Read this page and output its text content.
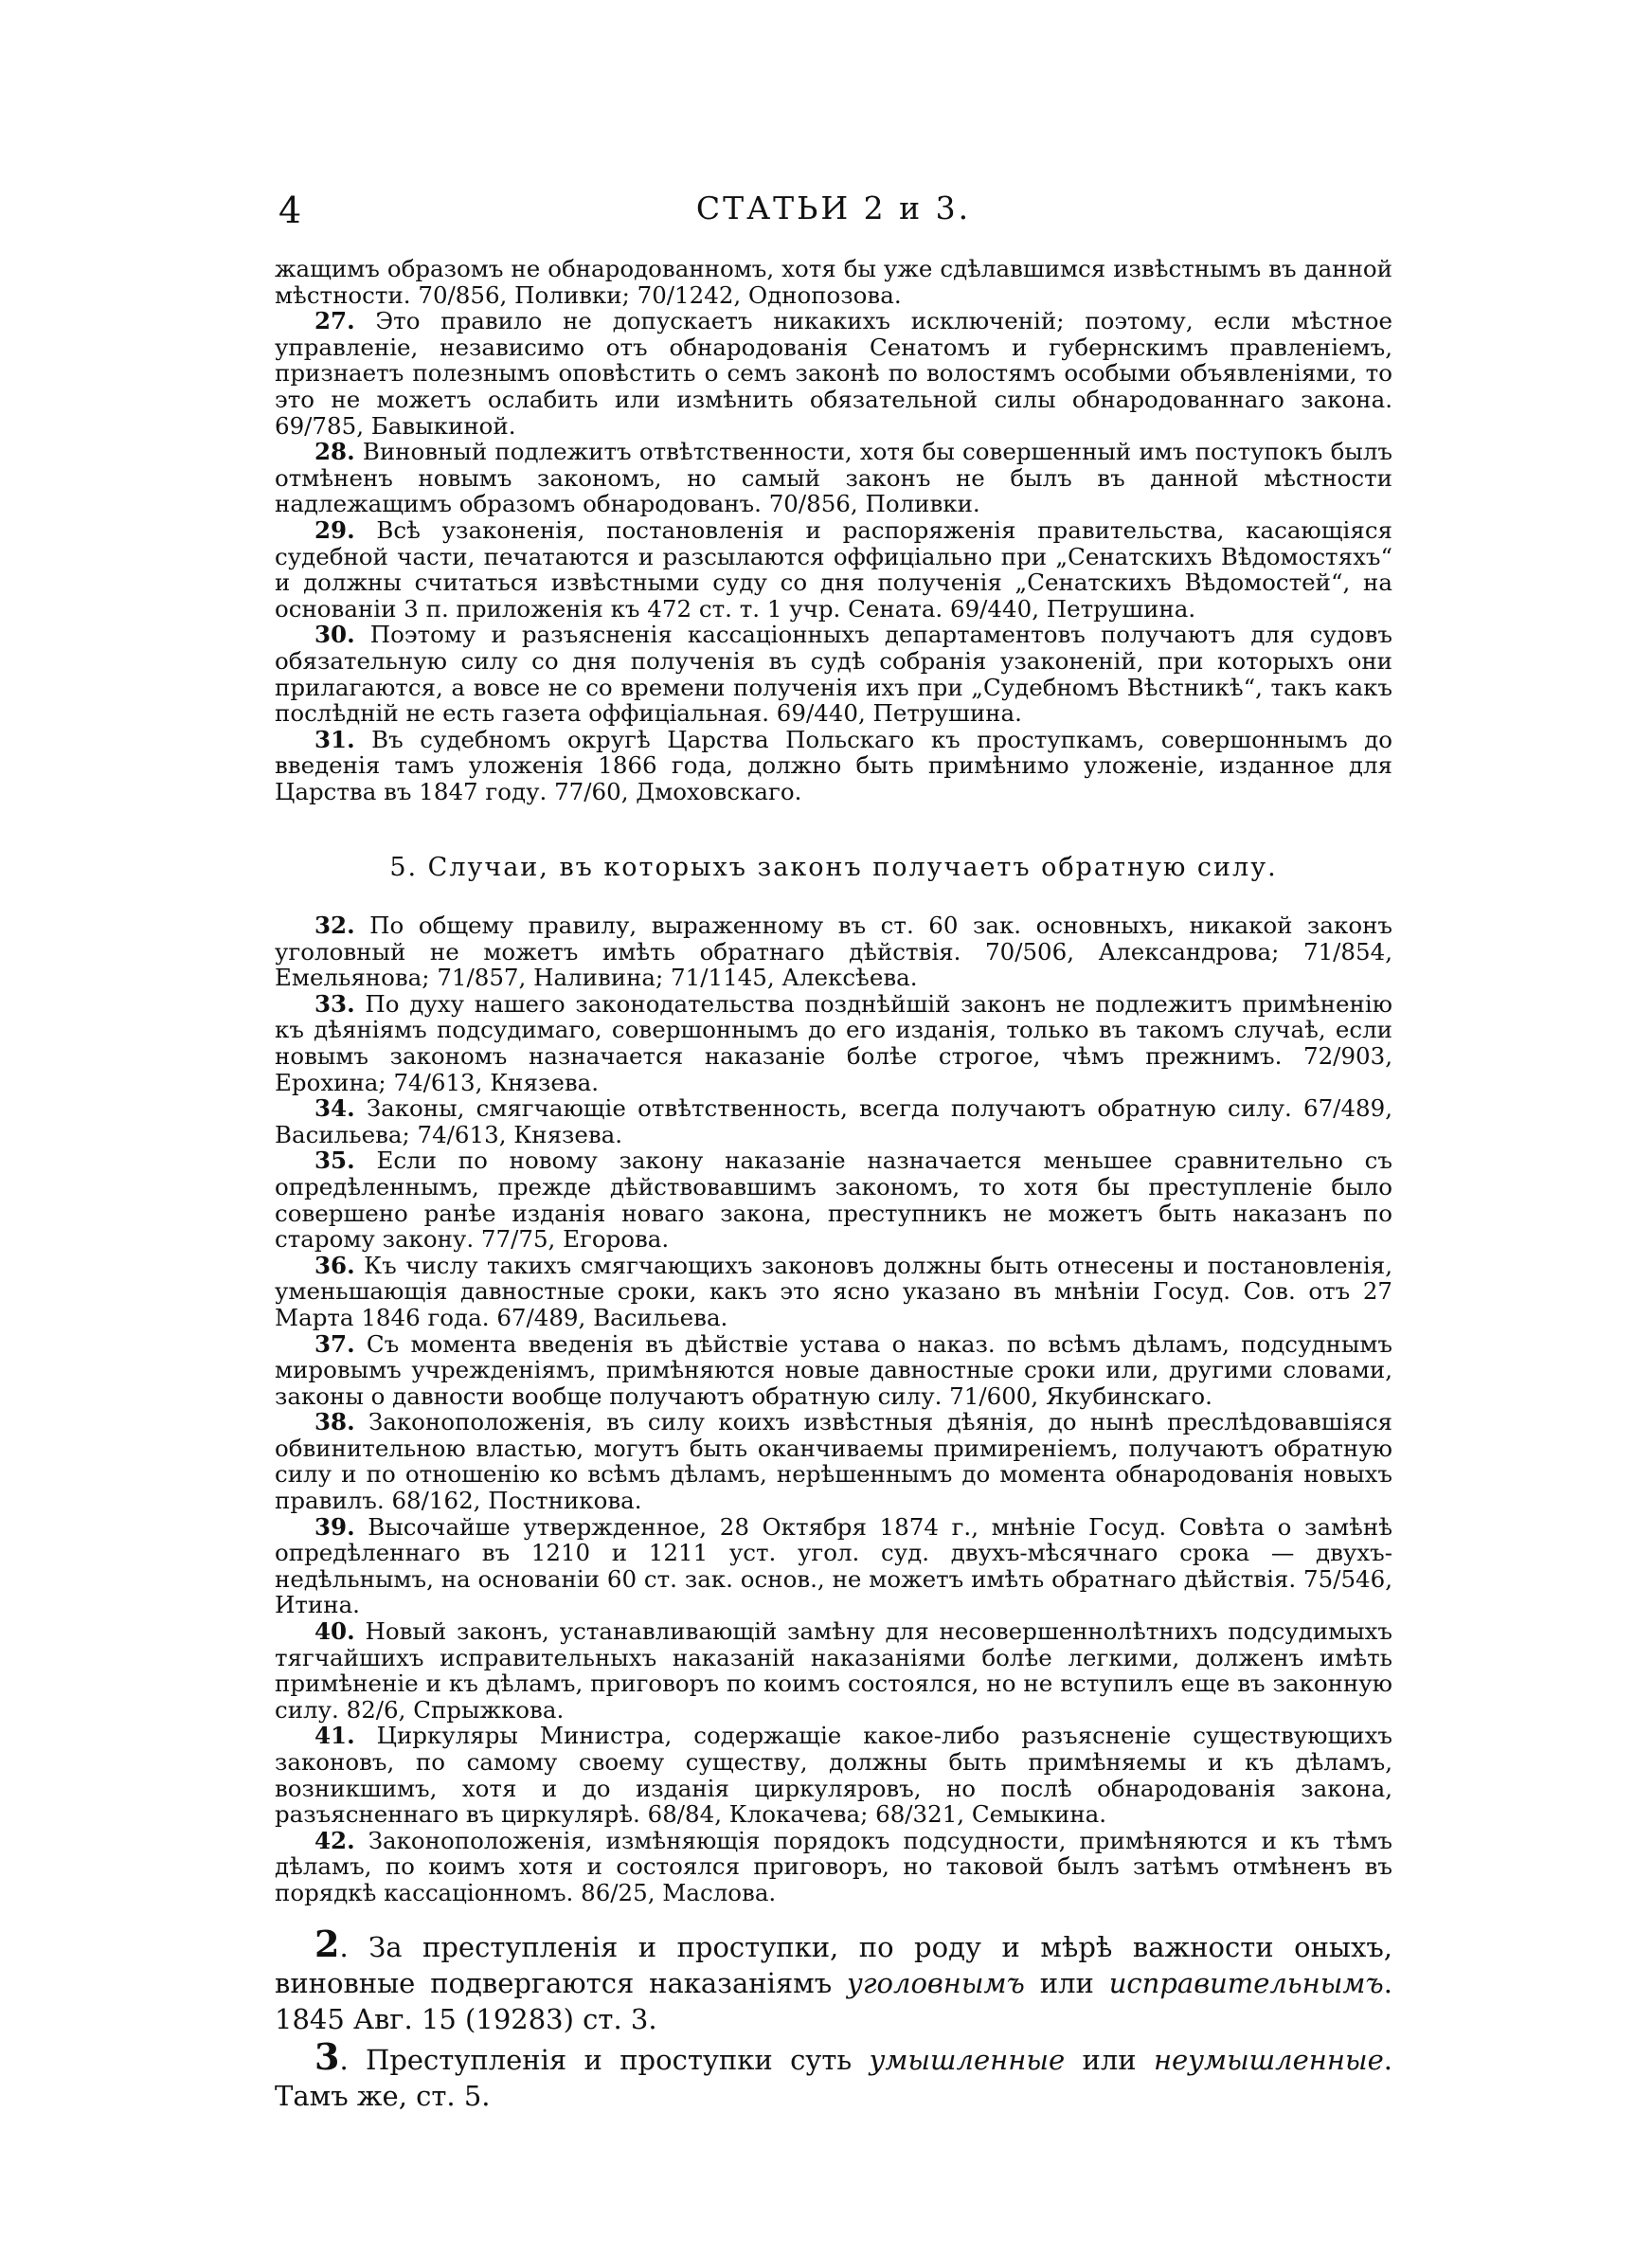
4	СТАТЬИ 2 и 3.

жащимъ образомъ не обнародованномъ, хотя бы уже сдѣлавшимся извѣстнымъ въ данной мѣстности. 70/856, Поливки; 70/1242, Однопозова.

27. Это правило не допускаетъ никакихъ исключеній; поэтому, если мѣстное управленіе, независимо отъ обнародованія Сенатомъ и губернскимъ правленіемъ, признаетъ полезнымъ оповѣстить о семъ законѣ по волостямъ особыми объявленіями, то это не можетъ ослабить или измѣнить обязательной силы обнародованнаго закона. 69/785, Бавыкиной.

28. Виновный подлежитъ отвѣтственности, хотя бы совершенный имъ поступокъ былъ отмѣненъ новымъ закономъ, но самый законъ не былъ въ данной мѣстности надлежащимъ образомъ обнародованъ. 70/856, Поливки.

29. Всѣ узаконенія, постановленія и распоряженія правительства, касающіяся судебной части, печатаются и разсылаются оффиціально при „Сенатскихъ Вѣдомостяхъ“ и должны считаться извѣстными суду со дня полученія „Сенатскихъ Вѣдомостей“, на основаніи 3 п. приложенія къ 472 ст. т. 1 учр. Сената. 69/440, Петрушина.

30. Поэтому и разъясненія кассаціонныхъ департаментовъ получаютъ для судовъ обязательную силу со дня полученія въ судѣ собранія узаконеній, при которыхъ они прилагаются, а вовсе не со времени полученія ихъ при „Судебномъ Вѣстникѣ“, такъ какъ послѣдній не есть газета оффиціальная. 69/440, Петрушина.

31. Въ судебномъ округѣ Царства Польскаго къ проступкамъ, совершоннымъ до введенія тамъ уложенія 1866 года, должно быть примѣнимо уложеніе, изданное для Царства въ 1847 году. 77/60, Дмоховскаго.

5. Случаи, въ которыхъ законъ получаетъ обратную силу.

32. По общему правилу, выраженному въ ст. 60 зак. основныхъ, никакой законъ уголовный не можетъ имѣть обратнаго дѣйствія. 70/506, Александрова; 71/854, Емельянова; 71/857, Наливина; 71/1145, Алексѣева.

33. По духу нашего законодательства позднѣйшій законъ не подлежитъ примѣненію къ дѣяніямъ подсудимаго, совершоннымъ до его изданія, только въ такомъ случаѣ, если новымъ закономъ назначается наказаніе болѣе строгое, чѣмъ прежнимъ. 72/903, Ерохина; 74/613, Князева.

34. Законы, смягчающіе отвѣтственность, всегда получаютъ обратную силу. 67/489, Васильева; 74/613, Князева.

35. Если по новому закону наказаніе назначается меньшее сравнительно съ опредѣленнымъ, прежде дѣйствовавшимъ закономъ, то хотя бы преступленіе было совершено ранѣе изданія новаго закона, преступникъ не можетъ быть наказанъ по старому закону. 77/75, Егорова.

36. Къ числу такихъ смягчающихъ законовъ должны быть отнесены и постановленія, уменьшающія давностные сроки, какъ это ясно указано въ мнѣніи Госуд. Сов. отъ 27 Марта 1846 года. 67/489, Васильева.

37. Съ момента введенія въ дѣйствіе устава о наказ. по всѣмъ дѣламъ, подсуднымъ мировымъ учрежденіямъ, примѣняются новые давностные сроки или, другими словами, законы о давности вообще получаютъ обратную силу. 71/600, Якубинскаго.

38. Законоположенія, въ силу коихъ извѣстныя дѣянія, до нынѣ преслѣдовавшіяся обвинительною властью, могутъ быть оканчиваемы примиреніемъ, получаютъ обратную силу и по отношенію ко всѣмъ дѣламъ, нерѣшеннымъ до момента обнародованія новыхъ правилъ. 68/162, Постникова.

39. Высочайше утвержденное, 28 Октября 1874 г., мнѣніе Госуд. Совѣта о замѣнѣ опредѣленнаго въ 1210 и 1211 уст. угол. суд. двухъ-мѣсячнаго срока — двухъ-недѣльнымъ, на основаніи 60 ст. зак. основ., не можетъ имѣть обратнаго дѣйствія. 75/546, Итина.

40. Новый законъ, устанавливающій замѣну для несовершеннолѣтнихъ подсудимыхъ тягчайшихъ исправительныхъ наказаній наказаніями болѣе легкими, долженъ имѣть примѣненіе и къ дѣламъ, приговоръ по коимъ состоялся, но не вступилъ еще въ законную силу. 82/6, Спрыжкова.

41. Циркуляры Министра, содержащіе какое-либо разъясненіе существующихъ законовъ, по самому своему существу, должны быть примѣняемы и къ дѣламъ, возникшимъ, хотя и до изданія циркуляровъ, но послѣ обнародованія закона, разъясненнаго въ циркулярѣ. 68/84, Клокачева; 68/321, Семыкина.

42. Законоположенія, измѣняющія порядокъ подсудности, примѣняются и къ тѣмъ дѣламъ, по коимъ хотя и состоялся приговоръ, но таковой былъ затѣмъ отмѣненъ въ порядкѣ кассаціонномъ. 86/25, Маслова.

2. За преступленія и проступки, по роду и мѣрѣ важности оныхъ, виновные подвергаются наказаніямъ уголовнымъ или исправительнымъ. 1845 Авг. 15 (19283) ст. 3.

3. Преступленія и проступки суть умышленные или неумышленные. Тамъ же, ст. 5.
